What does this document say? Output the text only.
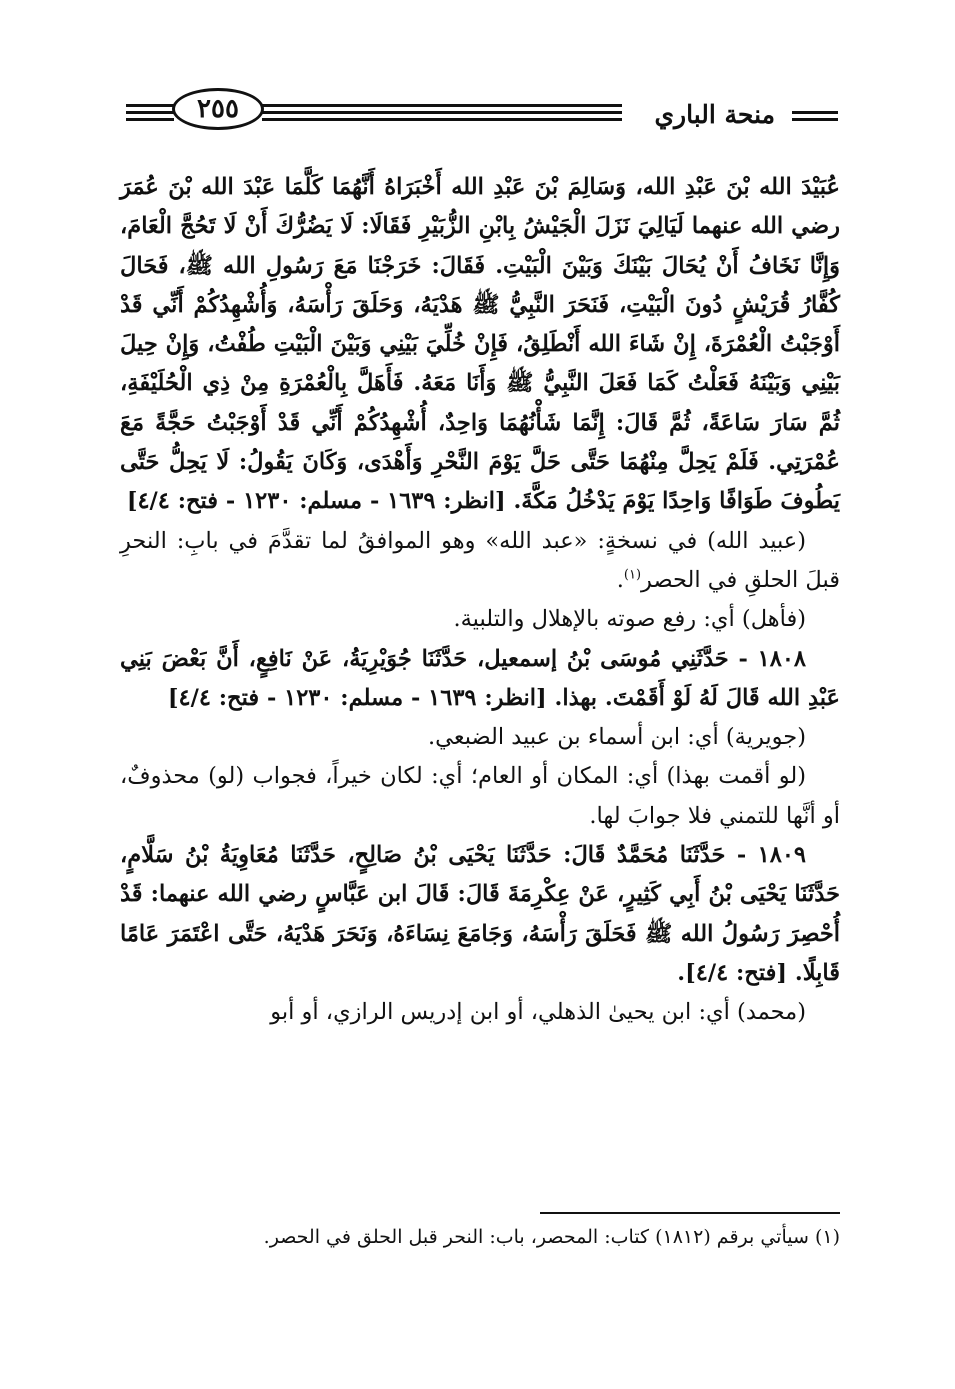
٢٥٥	منحة الباري

عُبَيْدَ الله بْنَ عَبْدِ الله، وَسَالِمَ بْنَ عَبْدِ الله أَخْبَرَاهُ أَنَّهُمَا كَلَّمَا عَبْدَ الله بْنَ عُمَرَ رضي الله عنهما لَيَالِيَ نَزَلَ الْجَيْشُ بِابْنِ الزُّبَيْرِ فَقَالَا: لَا يَضُرُّكَ أَنْ لَا تَحُجَّ الْعَامَ، وَإِنَّا نَخَافُ أَنْ يُحَالَ بَيْنَكَ وَبَيْنَ الْبَيْتِ. فَقَالَ: خَرَجْنَا مَعَ رَسُولِ الله ﷺ، فَحَالَ كُفَّارُ قُرَيْشٍ دُونَ الْبَيْتِ، فَنَحَرَ النَّبِيُّ ﷺ هَدْيَهُ، وَحَلَقَ رَأْسَهُ، وَأُشْهِدُكُمْ أَنِّي قَدْ أَوْجَبْتُ الْعُمْرَةَ، إِنْ شَاءَ الله أَنْطَلِقُ، فَإِنْ خُلِّيَ بَيْنِي وَبَيْنَ الْبَيْتِ طُفْتُ، وَإِنْ حِيلَ بَيْنِي وَبَيْنَهُ فَعَلْتُ كَمَا فَعَلَ النَّبِيُّ ﷺ وَأَنَا مَعَهُ. فَأَهَلَّ بِالْعُمْرَةِ مِنْ ذِي الْحُلَيْفَةِ، ثُمَّ سَارَ سَاعَةً، ثُمَّ قَالَ: إِنَّمَا شَأْنُهُمَا وَاحِدٌ، أُشْهِدُكُمْ أَنِّي قَدْ أَوْجَبْتُ حَجَّةً مَعَ عُمْرَتِي. فَلَمْ يَحِلَّ مِنْهُمَا حَتَّى حَلَّ يَوْمَ النَّحْرِ وَأَهْدَى، وَكَانَ يَقُولُ: لَا يَحِلُّ حَتَّى يَطُوفَ طَوَافًا وَاحِدًا يَوْمَ يَدْخُلُ مَكَّةَ. [انظر: ١٦٣٩ - مسلم: ١٢٣٠ - فتح: ٤/٤]

(عبيد الله) في نسخةٍ: «عبد الله» وهو الموافقُ لما تقدَّمَ في بابِ: النحرِ قبلَ الحلقِ في الحصر$^{(١)}$.

(فأهل) أي: رفع صوته بالإهلال والتلبية.

١٨٠٨ - حَدَّثَنِي مُوسَى بْنُ إسمعيل، حَدَّثَنَا جُوَيْرِيَةُ، عَنْ نَافِعٍ، أَنَّ بَعْضَ بَنِي عَبْدِ الله قَالَ لَهُ لَوْ أَقَمْتَ. بهذا. [انظر: ١٦٣٩ - مسلم: ١٢٣٠ - فتح: ٤/٤]

(جويرية) أي: ابن أسماء بن عبيد الضبعي.

(لو أقمت بهذا) أي: المكان أو العام؛ أي: لكان خيراً، فجواب (لو) محذوفٌ، أو أنَّها للتمني فلا جوابَ لها.

١٨٠٩ - حَدَّثَنَا مُحَمَّدٌ قَالَ: حَدَّثَنَا يَحْيَى بْنُ صَالِحٍ، حَدَّثَنَا مُعَاوِيَةُ بْنُ سَلَّامٍ، حَدَّثَنَا يَحْيَى بْنُ أَبِي كَثِيرٍ، عَنْ عِكْرِمَةَ قَالَ: قَالَ ابن عَبَّاسٍ رضي الله عنهما: قَدْ أُحْصِرَ رَسُولُ الله ﷺ فَحَلَقَ رَأْسَهُ، وَجَامَعَ نِسَاءَهُ، وَنَحَرَ هَدْيَهُ، حَتَّى اعْتَمَرَ عَامًا قَابِلًا. [فتح: ٤/٤].

(محمد) أي: ابن يحيىٰ الذهلي، أو ابن إدريس الرازي، أو أبو

(١) سيأتي برقم (١٨١٢) كتاب: المحصر، باب: النحر قبل الحلق في الحصر.
